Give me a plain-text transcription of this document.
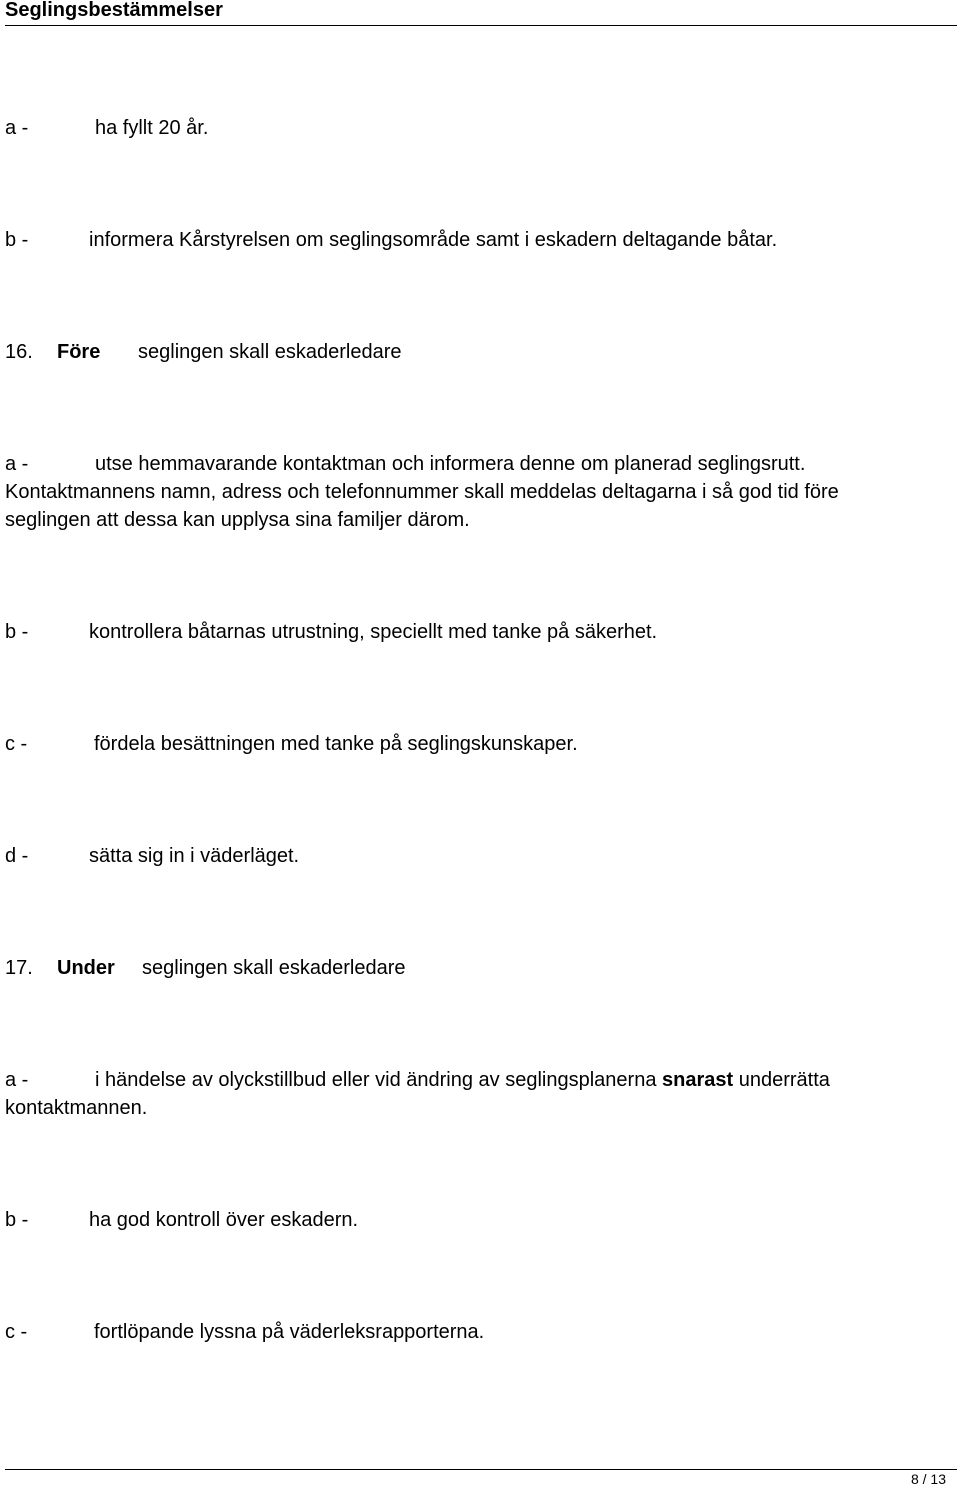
Seglingsbestämmelser
a -	ha fyllt 20 år.
b -	informera Kårstyrelsen om seglingsområde samt i eskadern deltagande båtar.
16. Före seglingen skall eskaderledare
a -	utse hemmavarande kontaktman och informera denne om planerad seglingsrutt.
Kontaktmannens namn, adress och telefonnummer skall meddelas deltagarna i så god tid före
seglingen att dessa kan upplysa sina familjer därom.
b -	kontrollera båtarnas utrustning, speciellt med tanke på säkerhet.
c -	fördela besättningen med tanke på seglingskunskaper.
d -	sätta sig in i väderläget.
17. Under seglingen skall eskaderledare
a -	i händelse av olyckstillbud eller vid ändring av seglingsplanerna snarast underrätta
kontaktmannen.
b -	ha god kontroll över eskadern.
c -	fortlöpande lyssna på väderleksrapporterna.
8 / 13
